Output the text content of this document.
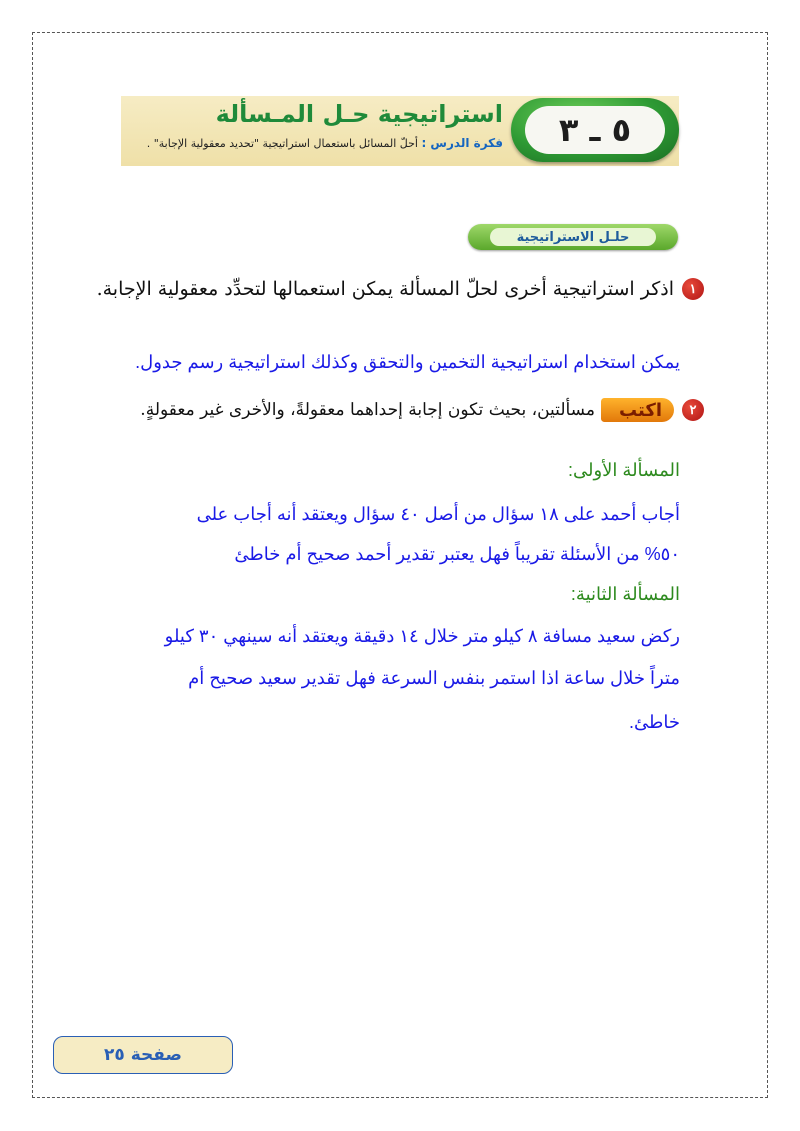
٥ ـ ٣
استراتيجية حـل المـسألة
فكرة الدرس : أحلّ المسائل باستعمال استراتيجية "تحديد معقولية الإجابة" .
حلـل الاستراتيجية
١
اذكر استراتيجية أخرى لحلّ المسألة يمكن استعمالها لتحدِّد معقولية الإجابة.
يمكن استخدام استراتيجية التخمين والتحقق وكذلك استراتيجية رسم جدول.
٢
اكتب
مسألتين، بحيث تكون إجابة إحداهما معقولةً، والأخرى غير معقولةٍ.
المسألة الأولى:
أجاب أحمد على ١٨ سؤال من أصل ٤٠ سؤال ويعتقد أنه أجاب على
٥٠% من الأسئلة تقريباً فهل يعتبر تقدير أحمد صحيح أم خاطئ
المسألة الثانية:
ركض سعيد مسافة ٨ كيلو متر خلال ١٤ دقيقة ويعتقد أنه سينهي ٣٠ كيلو
متراً خلال ساعة اذا استمر بنفس السرعة فهل تقدير سعيد صحيح أم
خاطئ.
صفحة ٢٥
